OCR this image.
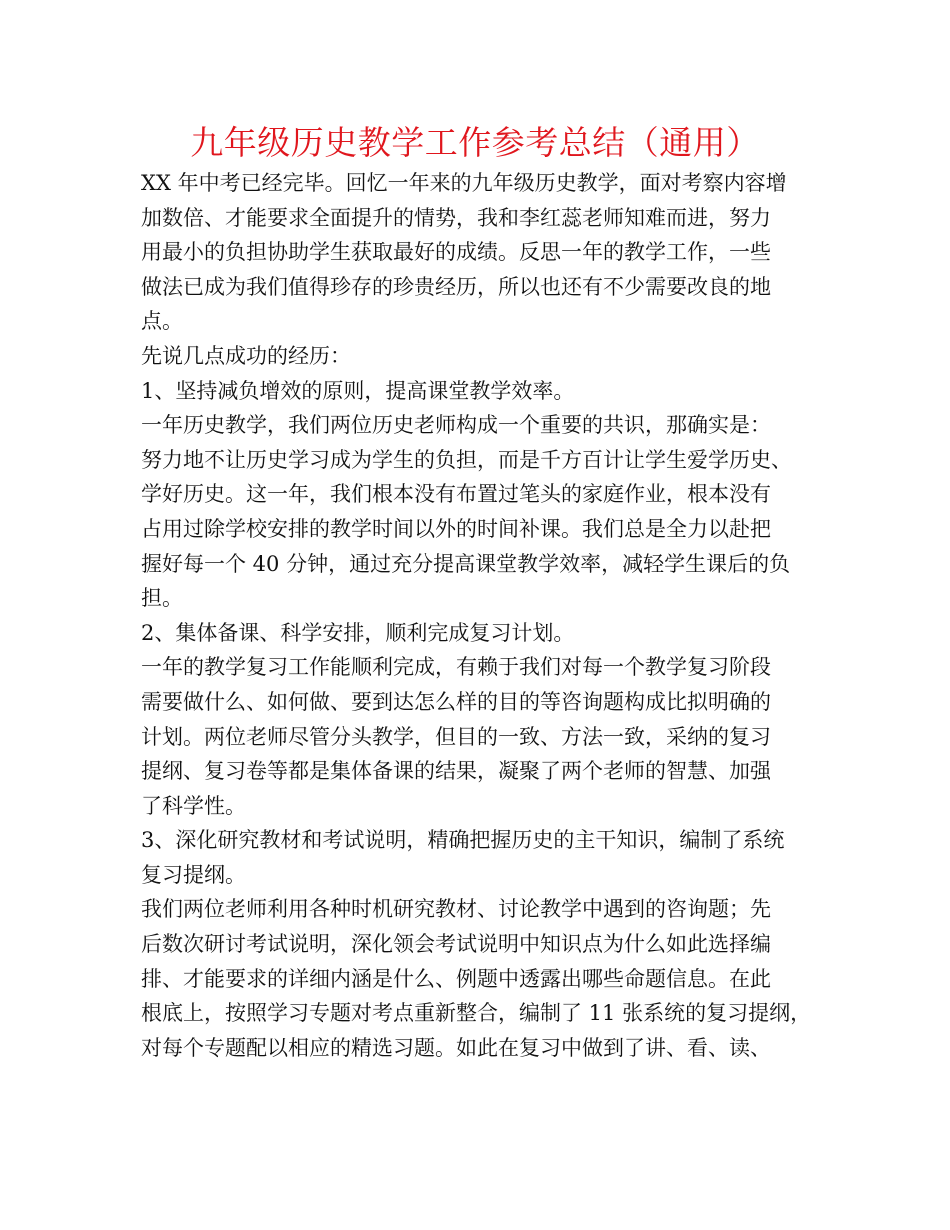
九年级历史教学工作参考总结（通用）
XX 年中考已经完毕。回忆一年来的九年级历史教学，面对考察内容增
加数倍、才能要求全面提升的情势，我和李红蕊老师知难而进，努力
用最小的负担协助学生获取最好的成绩。反思一年的教学工作，一些
做法已成为我们值得珍存的珍贵经历，所以也还有不少需要改良的地
点。
先说几点成功的经历：
1、坚持减负增效的原则，提高课堂教学效率。
一年历史教学，我们两位历史老师构成一个重要的共识，那确实是：
努力地不让历史学习成为学生的负担，而是千方百计让学生爱学历史、
学好历史。这一年，我们根本没有布置过笔头的家庭作业，根本没有
占用过除学校安排的教学时间以外的时间补课。我们总是全力以赴把
握好每一个 40 分钟，通过充分提高课堂教学效率，减轻学生课后的负
担。
2、集体备课、科学安排，顺利完成复习计划。
一年的教学复习工作能顺利完成，有赖于我们对每一个教学复习阶段
需要做什么、如何做、要到达怎么样的目的等咨询题构成比拟明确的
计划。两位老师尽管分头教学，但目的一致、方法一致，采纳的复习
提纲、复习卷等都是集体备课的结果，凝聚了两个老师的智慧、加强
了科学性。
3、深化研究教材和考试说明，精确把握历史的主干知识，编制了系统
复习提纲。
我们两位老师利用各种时机研究教材、讨论教学中遇到的咨询题；先
后数次研讨考试说明，深化领会考试说明中知识点为什么如此选择编
排、才能要求的详细内涵是什么、例题中透露出哪些命题信息。在此
根底上，按照学习专题对考点重新整合，编制了 11 张系统的复习提纲，
对每个专题配以相应的精选习题。如此在复习中做到了讲、看、读、
